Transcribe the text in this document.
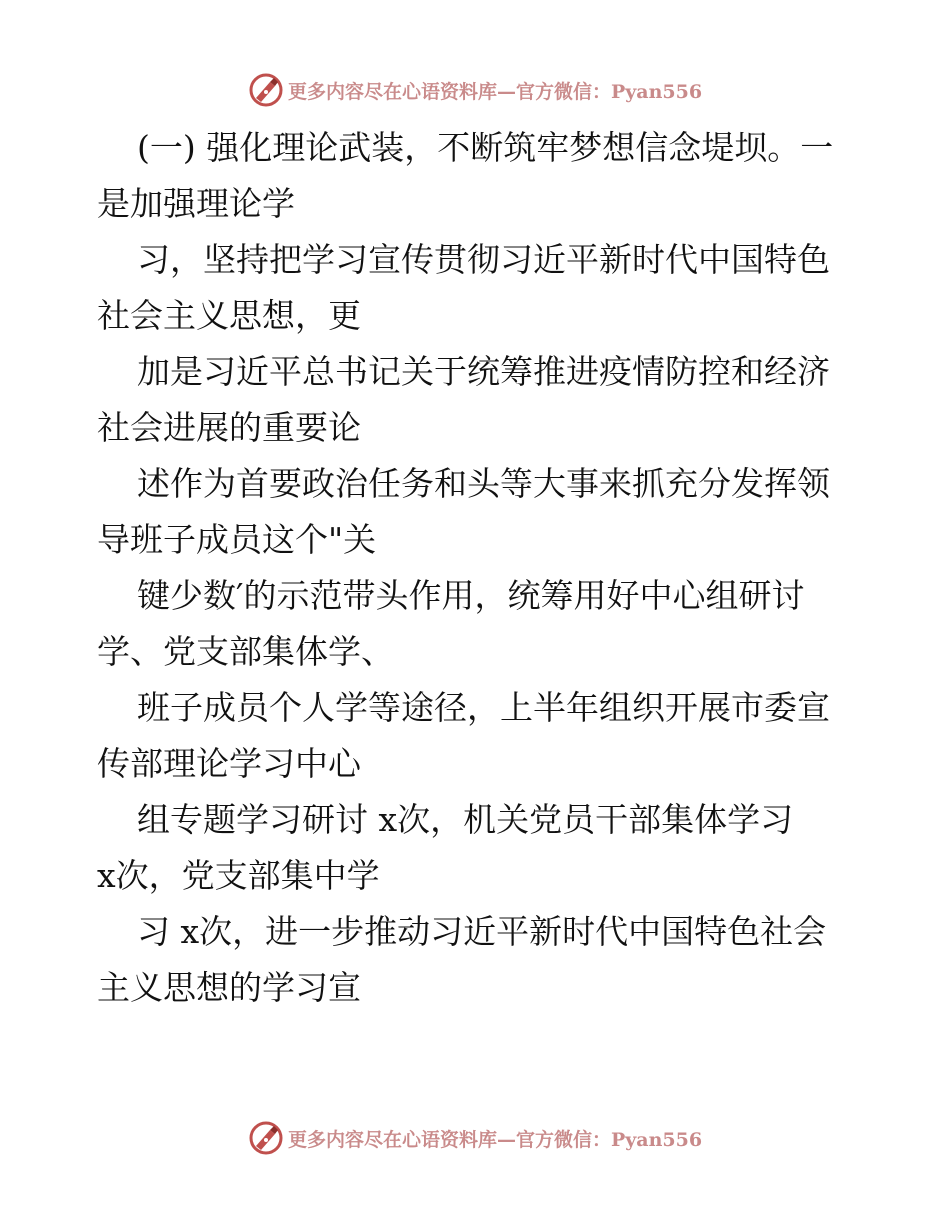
更多内容尽在心语资料库—官方微信：Pyan556

(一) 强化理论武装，不断筑牢梦想信念堤坝。一
是加强理论学

习，坚持把学习宣传贯彻习近平新时代中国特色
社会主义思想，更

加是习近平总书记关于统筹推进疫情防控和经济
社会进展的重要论

述作为首要政治任务和头等大事来抓充分发挥领
导班子成员这个"关

键少数′的示范带头作用，统筹用好中心组研讨
学、党支部集体学、

班子成员个人学等途径，上半年组织开展市委宣
传部理论学习中心

组专题学习研讨 x次，机关党员干部集体学习
x次，党支部集中学

习 x次，进一步推动习近平新时代中国特色社会
主义思想的学习宣

更多内容尽在心语资料库—官方微信：Pyan556
